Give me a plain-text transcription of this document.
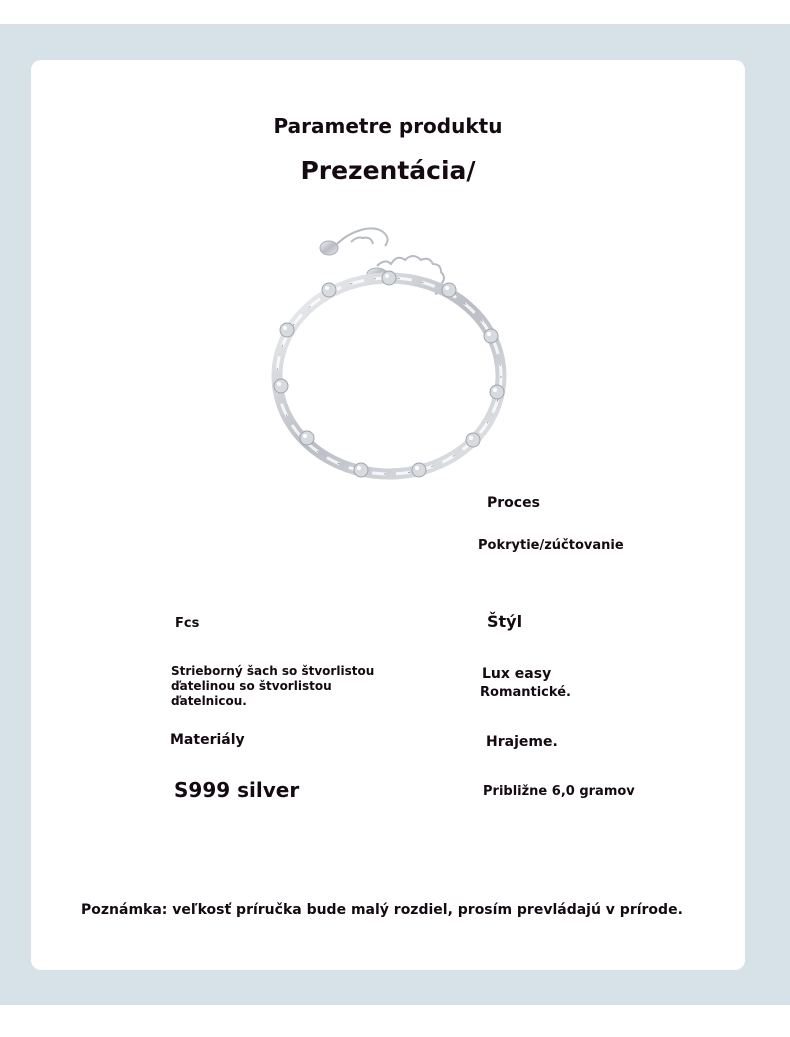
Parametre produktu
Prezentácia/
Proces
Pokrytie/zúčtovanie
Fcs
Strieborný šach so štvorlistou ďatelinou so štvorlistou ďatelnicou.
Štýl
Lux easy
Romantické.
Materiály
S999 silver
Hrajeme.
Približne 6,0 gramov
Poznámka: veľkosť príručka bude malý rozdiel, prosím prevládajú v prírode.
